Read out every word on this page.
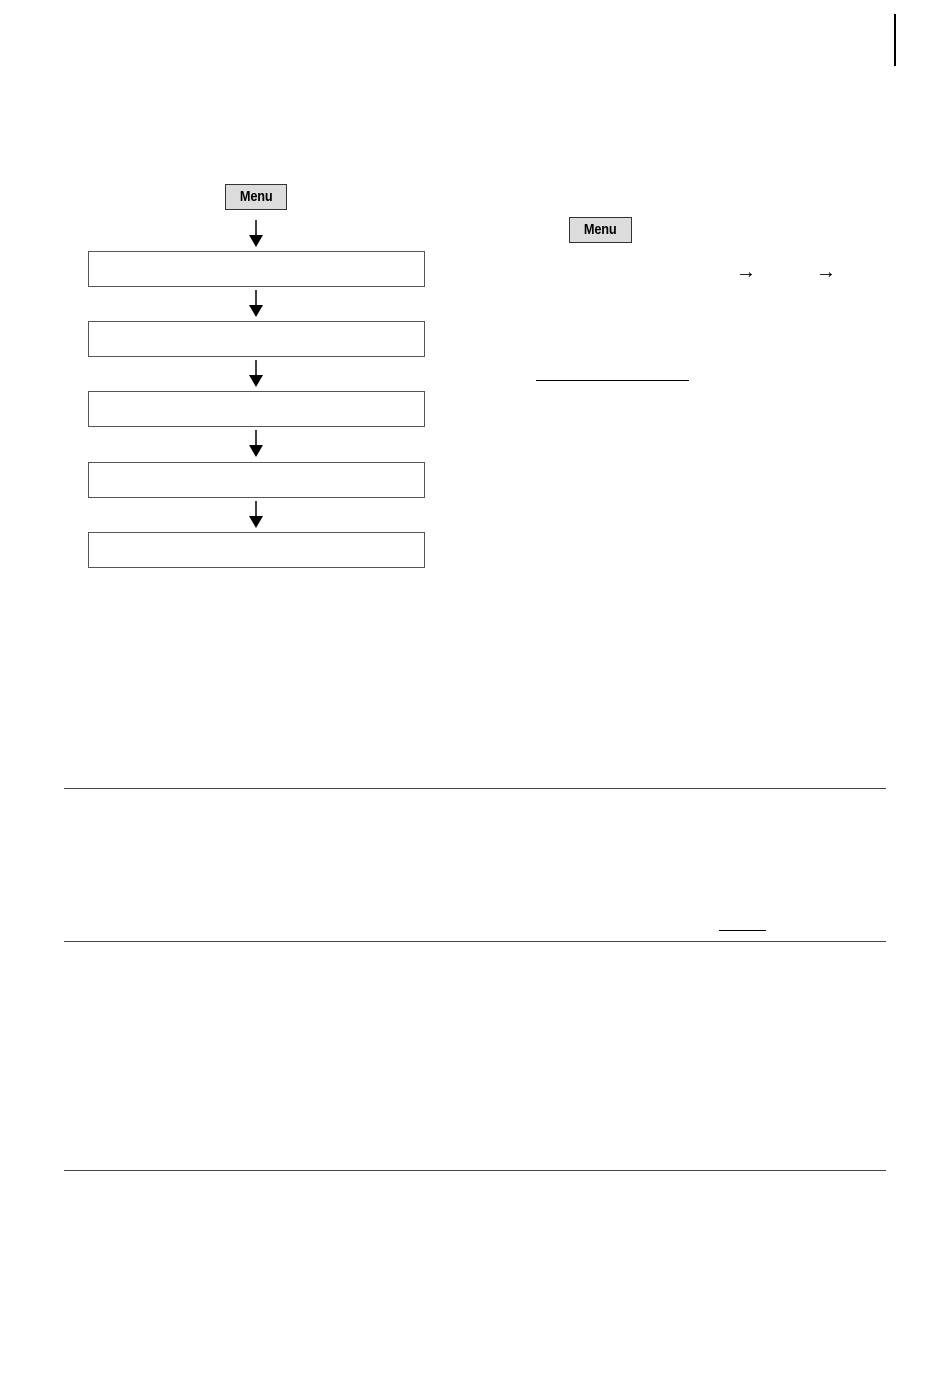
Menu
Menu
→	→
